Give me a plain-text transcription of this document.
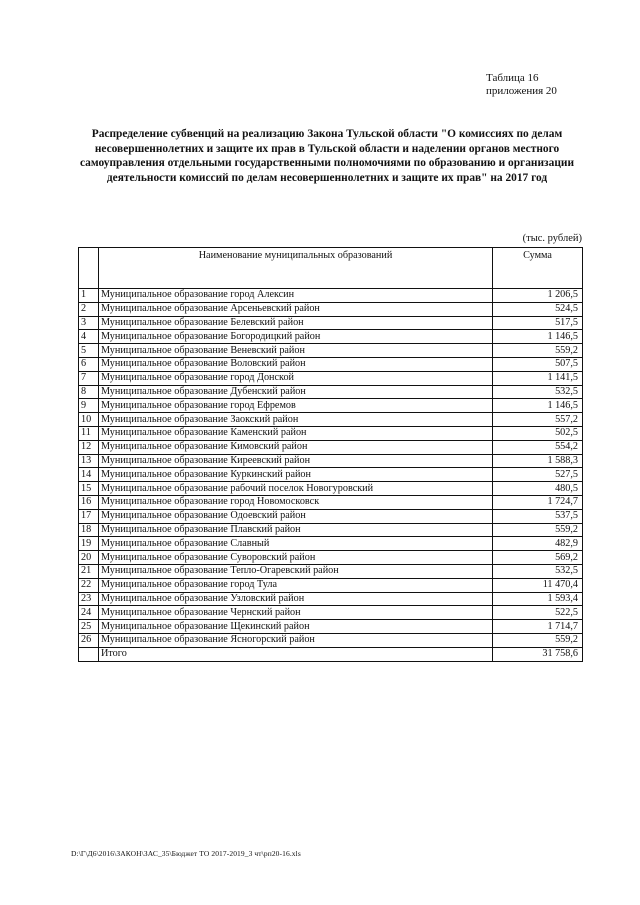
Таблица 16
приложения 20
Распределение субвенций на реализацию Закона Тульской области "О комиссиях по делам несовершеннолетних и защите их прав в Тульской области и наделении органов местного самоуправления отдельными государственными полномочиями по образованию и организации деятельности комиссий по делам несовершеннолетних и защите их прав" на 2017 год
(тыс. рублей)
	Наименование муниципальных образований	Сумма
1	Муниципальное образование город Алексин	1 206,5
2	Муниципальное образование Арсеньевский район	524,5
3	Муниципальное образование Белевский район	517,5
4	Муниципальное образование Богородицкий район	1 146,5
5	Муниципальное образование Веневский район	559,2
6	Муниципальное образование Воловский район	507,5
7	Муниципальное образование город Донской	1 141,5
8	Муниципальное образование Дубенский район	532,5
9	Муниципальное образование город Ефремов	1 146,5
10	Муниципальное образование Заокский район	557,2
11	Муниципальное образование Каменский район	502,5
12	Муниципальное образование Кимовский район	554,2
13	Муниципальное образование Киреевский район	1 588,3
14	Муниципальное образование Куркинский район	527,5
15	Муниципальное образование рабочий поселок Новогуровский	480,5
16	Муниципальное образование город Новомосковск	1 724,7
17	Муниципальное образование Одоевский район	537,5
18	Муниципальное образование Плавский район	559,2
19	Муниципальное образование Славный	482,9
20	Муниципальное образование Суворовский район	569,2
21	Муниципальное образование Тепло-Огаревский район	532,5
22	Муниципальное образование город Тула	11 470,4
23	Муниципальное образование Узловский район	1 593,4
24	Муниципальное образование Чернский район	522,5
25	Муниципальное образование Щекинский район	1 714,7
26	Муниципальное образование Ясногорский район	559,2
	Итого	31 758,6
D:\Г\Д6\2016\ЗАКОН\ЗАС_35\Бюджет ТО 2017-2019_3 чт\рп20-16.xls
